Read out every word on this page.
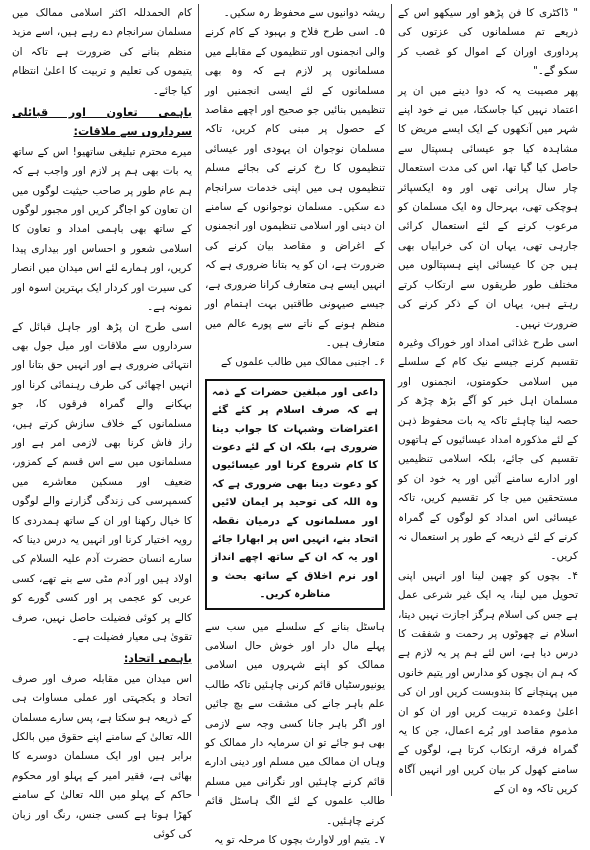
" ڈاکٹری کا فن پڑھو اور سیکھو اس کے ذریعے تم مسلمانوں کی عزتوں کی پرداوری اوران کے اموال کو غصب کر سکو گے۔"

پھر مصیبت یہ کہ دوا دینے میں ان پر اعتماد نہیں کیا جاسکتا، میں نے خود اپنے شہر میں آنکھوں کے ایک ایسے مریض کا مشاہدہ کیا جو عیسائی ہسپتال سے حاصل کیا گیا تھا، اس کی مدت استعمال چار سال پرانی تھی اور وہ ایکسپائر ہوچکی تھی، بہرحال وہ ایک مسلمان کو مرعوب کرنے کے لئے استعمال کرائی جارہی تھی، یہاں ان کی خرابیاں بھی ہیں جن کا عیسائی اپنے ہسپتالوں میں مختلف طور طریقوں سے ارتکاب کرتے رہتے ہیں، یہاں ان کے ذکر کرنے کی ضرورت نہیں۔

اسی طرح غذائی امداد اور خوراک وغیرہ تقسیم کرنے جیسے نیک کام کے سلسلے میں اسلامی حکومتوں، انجمنوں اور مسلمان اہل خیر کو آگے بڑھ چڑھ کر حصہ لینا چاہئے تاکہ یہ بات محفوظ ذہن کے لئے مذکورہ امداد عیسائیوں کے ہاتھوں تقسیم کی جائے، بلکہ اسلامی تنظیمیں اور ادارے سامنے آئیں اور یہ خود ان کو مستحقین میں جا کر تقسیم کریں، تاکہ عیسائی اس امداد کو لوگوں کے گمراہ کرنے کے لئے ذریعہ کے طور پر استعمال نہ کریں۔

۴۔ بچوں کو چھین لینا اور انہیں اپنی تحویل میں لینا، یہ ایک غیر شرعی عمل ہے جس کی اسلام ہرگز اجازت نہیں دیتا، اسلام نے چھوٹوں پر رحمت و شفقت کا درس دیا ہے، اس لئے ہم پر یہ لازم ہے کہ ہم ان بچوں کو مدارس اور یتیم خانوں میں پہنچانے کا بندوبست کریں اور ان کی اعلیٰ وعمدہ تربیت کریں اور ان کو ان مذموم مقاصد اور بُرے اعمال، جن کا یہ گمراہ فرقہ ارتکاب کرتا ہے، لوگوں کے سامنے کھول کر بیان کریں اور انہیں آگاہ کریں تاکہ وہ ان کے

ریشہ دوانیوں سے محفوظ رہ سکیں۔

۵۔ اسی طرح فلاح و بہبود کے کام کرنے والی انجمنوں اور تنظیموں کے مقابلے میں مسلمانوں پر لازم ہے کہ وہ بھی مسلمانوں کے لئے ایسی انجمنیں اور تنظیمیں بنائیں جو صحیح اور اچھے مقاصد کے حصول پر مبنی کام کریں، تاکہ مسلمان نوجوان ان یہودی اور عیسائی تنظیموں کا رخ کرنے کی بجائے مسلم تنظیموں ہی میں اپنی خدمات سرانجام دے سکیں۔ مسلمان نوجوانوں کے سامنے ان دینی اور اسلامی تنظیموں اور انجمنوں کے اغراض و مقاصد بیان کرنے کی ضرورت ہے، ان کو یہ بتانا ضروری ہے کہ انہیں ایسے ہی متعارف کرانا ضروری ہے، جیسے صیہونی طاقتیں بہت اہتمام اور منظم ہونے کے ناتے سے پورے عالم میں متعارف ہیں۔

۶۔ اجنبی ممالک میں طالب علموں کے

داعی اور مبلغین حضرات کے ذمہ ہے کہ صرف اسلام پر کئے گئے اعتراضات وشبہات کا جواب دینا ضروری ہے، بلکہ ان کے لئے دعوت کا کام شروع کرنا اور عیسائیوں کو دعوت دینا بھی ضروری ہے کہ وہ اللہ کی توحید پر ایمان لائیں اور مسلمانوں کے درمیان نقطہ اتحاد بنے، انہیں اس پر ابھارا جائے اور یہ کہ ان کے ساتھ اچھے انداز اور نرم اخلاق کے ساتھ بحث و مناظرہ کریں۔

ہاسٹل بنانے کے سلسلے میں سب سے پہلے مال دار اور خوش حال اسلامی ممالک کو اپنے شہروں میں اسلامی یونیورسٹیاں قائم کرنی چاہئیں تاکہ طالب علم باہر جانے کی مشقت سے بچ جائیں اور اگر باہر جانا کسی وجہ سے لازمی بھی ہو جائے تو ان سرمایہ دار ممالک کو وہاں ان ممالک میں مسلم اور دینی ادارے قائم کرنے چاہئیں اور نگرانی میں مسلم طالب علموں کے لئے الگ ہاسٹل قائم کرنے چاہئیں۔

۷۔ یتیم اور لاوارث بچوں کا مرحلہ تو یہ

کام الحمدللہ اکثر اسلامی ممالک میں مسلمان سرانجام دے رہے ہیں، اسے مزید منظم بنانے کی ضرورت ہے تاکہ ان یتیموں کی تعلیم و تربیت کا اعلیٰ انتظام کیا جائے۔

باہمی تعاون اور قبائلی سرداروں سے ملاقات:

میرے محترم تبلیغی ساتھیو! اس کے ساتھ یہ بات بھی ہم پر لازم اور واجب ہے کہ ہم عام طور پر صاحب حیثیت لوگوں میں ان تعاون کو اجاگر کریں اور مجبور لوگوں کے ساتھ بھی باہمی امداد و تعاون کا اسلامی شعور و احساس اور بیداری پیدا کریں، اور ہمارے لئے اس میدان میں انصار کی سیرت اور کردار ایک بہترین اسوہ اور نمونہ ہے۔

اسی طرح ان پڑھ اور جاہل قبائل کے سرداروں سے ملاقات اور میل جول بھی انتہائی ضروری ہے اور انہیں حق بتانا اور انہیں اچھائی کی طرف رہنمائی کرنا اور بہکانے والے گمراہ فرقوں کا، جو مسلمانوں کے خلاف سازش کرتے ہیں، راز فاش کرنا بھی لازمی امر ہے اور مسلمانوں میں سے اس قسم کے کمزور، ضعیف اور مسکین معاشرے میں کسمپرسی کی زندگی گزارنے والے لوگوں کا خیال رکھنا اور ان کے ساتھ ہمدردی کا رویہ اختیار کرنا اور انہیں یہ درس دینا کہ سارے انسان حضرت آدم علیہ السلام کی اولاد ہیں اور آدم مٹی سے بنے تھے، کسی عربی کو عجمی پر اور کسی گورے کو کالے پر کوئی فضیلت حاصل نہیں، صرف تقویٰ ہی معیار فضیلت ہے۔

باہمی اتحاد:

اس میدان میں مقابلہ صرف اور صرف اتحاد و یکجہتی اور عملی مساوات ہی کے ذریعہ ہو سکتا ہے، پس سارے مسلمان اللہ تعالیٰ کے سامنے اپنے حقوق میں بالکل برابر ہیں اور ایک مسلمان دوسرے کا بھائی ہے، فقیر امیر کے پہلو اور محکوم حاکم کے پہلو میں اللہ تعالیٰ کے سامنے کھڑا ہوتا ہے کسی جنس، رنگ اور زبان کی کوئی
